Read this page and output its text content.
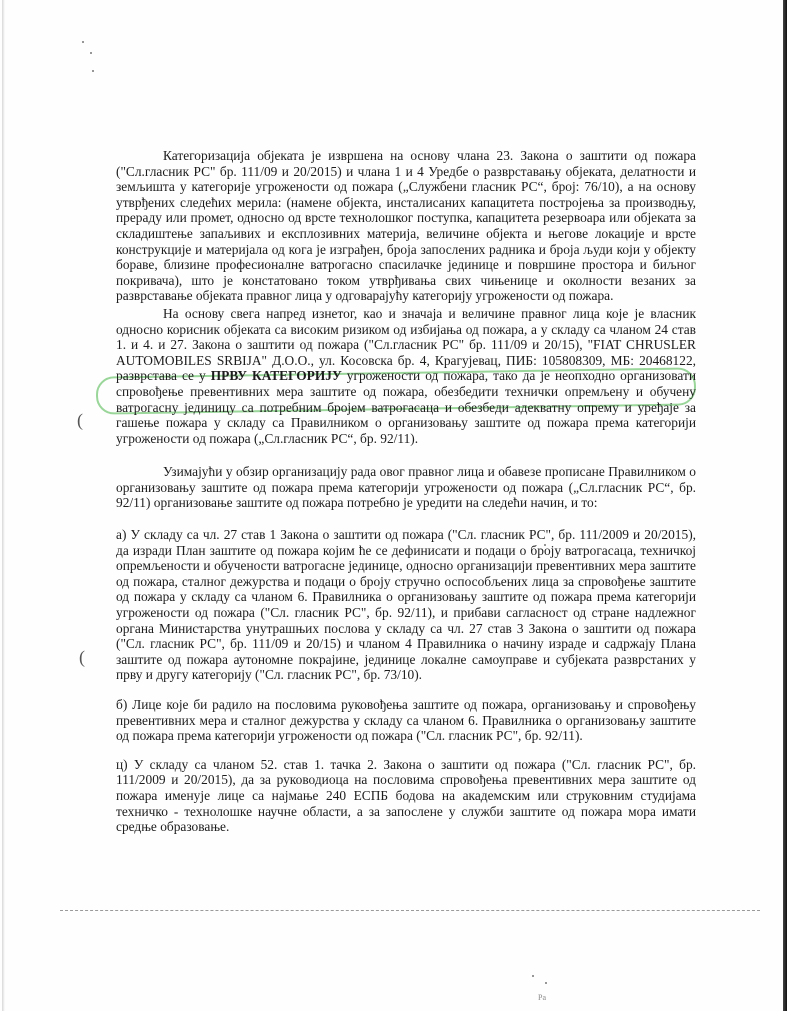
(
(

Категоризација објеката је извршена на основу члана 23. Закона о заштити од пожара ("Сл.гласник РС" бр. 111/09 и 20/2015) и члана 1 и 4 Уредбе о разврставању објеката, делатности и земљишта у категорије угрожености од пожара („Службени гласник РС“, број: 76/10), а на основу утврђених следећих мерила: (намене објекта, инсталисаних капацитета постројења за производњу, прераду или промет, односно од врсте технолошког поступка, капацитета резервоара или објеката за складиштење запаљивих и експлозивних материја, величине објекта и његове локације и врсте конструкције и материјала од кога је изграђен, броја запослених радника и броја људи који у објекту бораве, близине професионалне ватрогасно спасилачке јединице и површине простора и биљног покривача), што је констатовано током утврђивања свих чињенице и околности везаних за разврставање објеката правног лица у одговарајућу категорију угрожености од пожара.

На основу свега напред изнетог, као и значаја и величине правног лица које је власник односно корисник објеката са високим ризиком од избијања од пожара, а у складу са чланом 24 став 1. и 4. и 27. Закона о заштити од пожара ("Сл.гласник РС" бр. 111/09 и 20/15), "FIAT CHRUSLER AUTOMOBILES SRBIJA" Д.О.О., ул. Косовска бр. 4, Крагујевац, ПИБ: 105808309, МБ: 20468122, разврстава се у ПРВУ КАТЕГОРИЈУ угрожености од пожара, тако да је неопходно организовати спровођење превентивних мера заштите од пожара, обезбедити технички опремљену и обучену ватрогасну јединицу са потребним бројем ватрогасаца и обезбеди адекватну опрему и уређаје за гашење пожара у складу са Правилником о организовању заштите од пожара према категорији угрожености од пожара („Сл.гласник РС“, бр. 92/11).

Узимајући у обзир организацију рада овог правног лица и обавезе прописане Правилником о организовању заштите од пожара према категорији угрожености од пожара („Сл.гласник РС“, бр. 92/11) организовање заштите од пожара потребно је уредити на следећи начин, и то:

а) У складу са чл. 27 став 1 Закона о заштити од пожара ("Сл. гласник РС", бр. 111/2009 и 20/2015), да изради План заштите од пожара којим ће се дефинисати и подаци о броју ватрогасаца, техничкој опремљености и обучености ватрогасне јединице, односно организацији превентивних мера заштите од пожара, сталног дежурства и подаци о броју стручно оспособљених лица за спровођење заштите од пожара у складу са чланом 6. Правилника о организовању заштите од пожара према категорији угрожености од пожара ("Сл. гласник РС", бр. 92/11), и прибави сагласност од стране надлежног органа Министарства унутрашњих послова у складу са чл. 27 став 3 Закона о заштити од пожара ("Сл. гласник РС", бр. 111/09 и 20/15) и чланом 4 Правилника о начину израде и садржају Плана заштите од пожара аутономне покрајине, јединице локалне самоуправе и субјеката разврстаних у прву и другу категорију ("Сл. гласник РС", бр. 73/10).

б) Лице које би радило на пословима руковођења заштите од пожара, организовању и спровођењу превентивних мера и сталног дежурства у складу са чланом 6. Правилника о организовању заштите од пожара према категорији угрожености од пожара ("Сл. гласник РС", бр. 92/11).

ц) У складу са чланом 52. став 1. тачка 2. Закона о заштити од пожара ("Сл. гласник РС", бр. 111/2009 и 20/2015), да за руководиоца на пословима спровођења превентивних мера заштите од пожара именује лице са најмање 240 ЕСПБ бодова на академским или струковним студијама техничко - технолошке научне области, а за запослене у служби заштите од пожара мора имати средње образовање.

Pa
